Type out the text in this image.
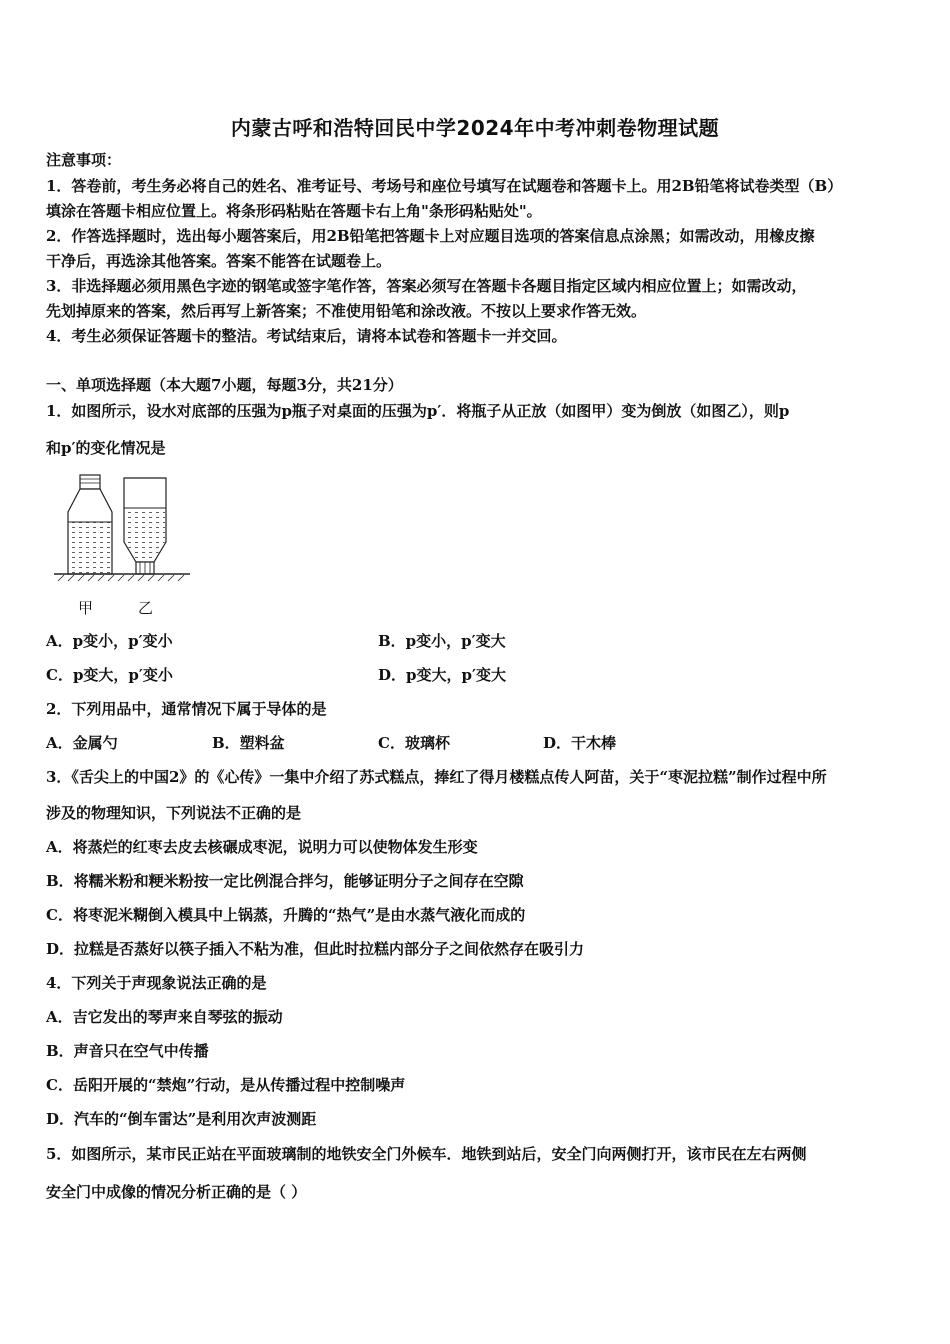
内蒙古呼和浩特回民中学2024年中考冲刺卷物理试题
注意事项：
1．答卷前，考生务必将自己的姓名、准考证号、考场号和座位号填写在试题卷和答题卡上。用2B铅笔将试卷类型（B）
填涂在答题卡相应位置上。将条形码粘贴在答题卡右上角"条形码粘贴处"。
2．作答选择题时，选出每小题答案后，用2B铅笔把答题卡上对应题目选项的答案信息点涂黑；如需改动，用橡皮擦
干净后，再选涂其他答案。答案不能答在试题卷上。
3．非选择题必须用黑色字迹的钢笔或签字笔作答，答案必须写在答题卡各题目指定区域内相应位置上；如需改动，
先划掉原来的答案，然后再写上新答案；不准使用铅笔和涂改液。不按以上要求作答无效。
4．考生必须保证答题卡的整洁。考试结束后，请将本试卷和答题卡一并交回。
一、单项选择题（本大题7小题，每题3分，共21分）
1．如图所示，设水对底部的压强为p瓶子对桌面的压强为p′．将瓶子从正放（如图甲）变为倒放（如图乙），则p
和p′的变化情况是
甲	乙
A．p变小，p′变小	B．p变小，p′变大
C．p变大，p′变小	D．p变大，p′变大
2．下列用品中，通常情况下属于导体的是
A．金属勺	B．塑料盆	C．玻璃杯	D．干木棒
3．《舌尖上的中国2》的《心传》一集中介绍了苏式糕点，捧红了得月楼糕点传人阿苗，关于“枣泥拉糕”制作过程中所
涉及的物理知识，下列说法不正确的是
A．将蒸烂的红枣去皮去核碾成枣泥，说明力可以使物体发生形变
B．将糯米粉和粳米粉按一定比例混合拌匀，能够证明分子之间存在空隙
C．将枣泥米糊倒入模具中上锅蒸，升腾的“热气”是由水蒸气液化而成的
D．拉糕是否蒸好以筷子插入不粘为准，但此时拉糕内部分子之间依然存在吸引力
4．下列关于声现象说法正确的是
A．吉它发出的琴声来自琴弦的振动
B．声音只在空气中传播
C．岳阳开展的“禁炮”行动，是从传播过程中控制噪声
D．汽车的“倒车雷达”是利用次声波测距
5．如图所示，某市民正站在平面玻璃制的地铁安全门外候车．地铁到站后，安全门向两侧打开，该市民在左右两侧
安全门中成像的情况分析正确的是（ ）
